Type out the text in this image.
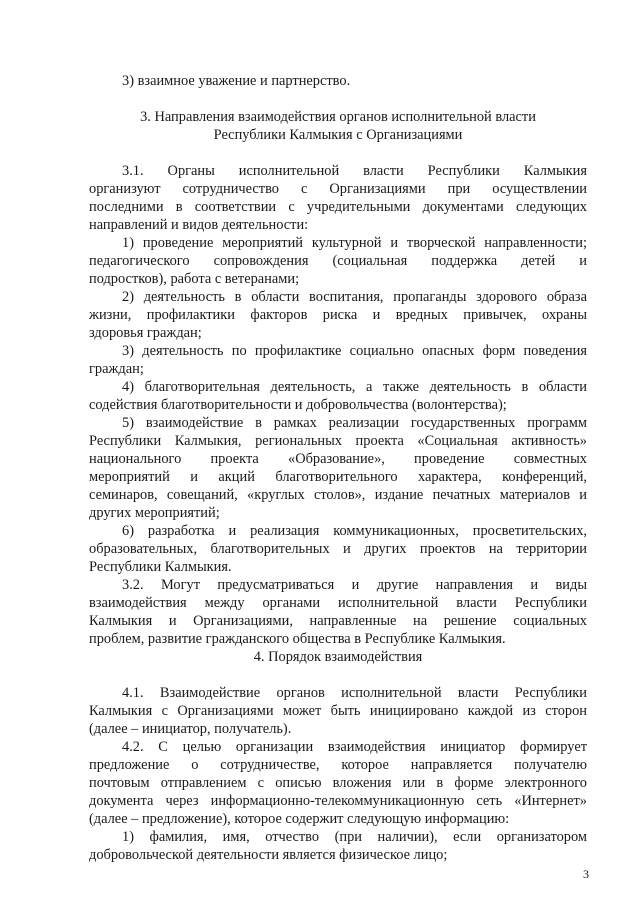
3) взаимное уважение и партнерство.
3. Направления взаимодействия органов исполнительной власти
Республики Калмыкия с Организациями
3.1. Органы исполнительной власти Республики Калмыкия
организуют сотрудничество с Организациями при осуществлении
последними в соответствии с учредительными документами следующих
направлений и видов деятельности:
1) проведение мероприятий культурной и творческой направленности;
педагогического сопровождения (социальная поддержка детей и
подростков), работа с ветеранами;
2) деятельность в области воспитания, пропаганды здорового образа
жизни, профилактики факторов риска и вредных привычек, охраны
здоровья граждан;
3) деятельность по профилактике социально опасных форм поведения
граждан;
4) благотворительная деятельность, а также деятельность в области
содействия благотворительности и добровольчества (волонтерства);
5) взаимодействие в рамках реализации государственных программ
Республики Калмыкия, региональных проекта «Социальная активность»
национального проекта «Образование», проведение совместных
мероприятий и акций благотворительного характера, конференций,
семинаров, совещаний, «круглых столов», издание печатных материалов и
других мероприятий;
6) разработка и реализация коммуникационных, просветительских,
образовательных, благотворительных и других проектов на территории
Республики Калмыкия.
3.2. Могут предусматриваться и другие направления и виды
взаимодействия между органами исполнительной власти Республики
Калмыкия и Организациями, направленные на решение социальных
проблем, развитие гражданского общества в Республике Калмыкия.
4. Порядок взаимодействия
4.1. Взаимодействие органов исполнительной власти Республики
Калмыкия с Организациями может быть инициировано каждой из сторон
(далее – инициатор, получатель).
4.2. С целью организации взаимодействия инициатор формирует
предложение о сотрудничестве, которое направляется получателю
почтовым отправлением с описью вложения или в форме электронного
документа через информационно-телекоммуникационную сеть «Интернет»
(далее – предложение), которое содержит следующую информацию:
1) фамилия, имя, отчество (при наличии), если организатором
добровольческой деятельности является физическое лицо;
3
